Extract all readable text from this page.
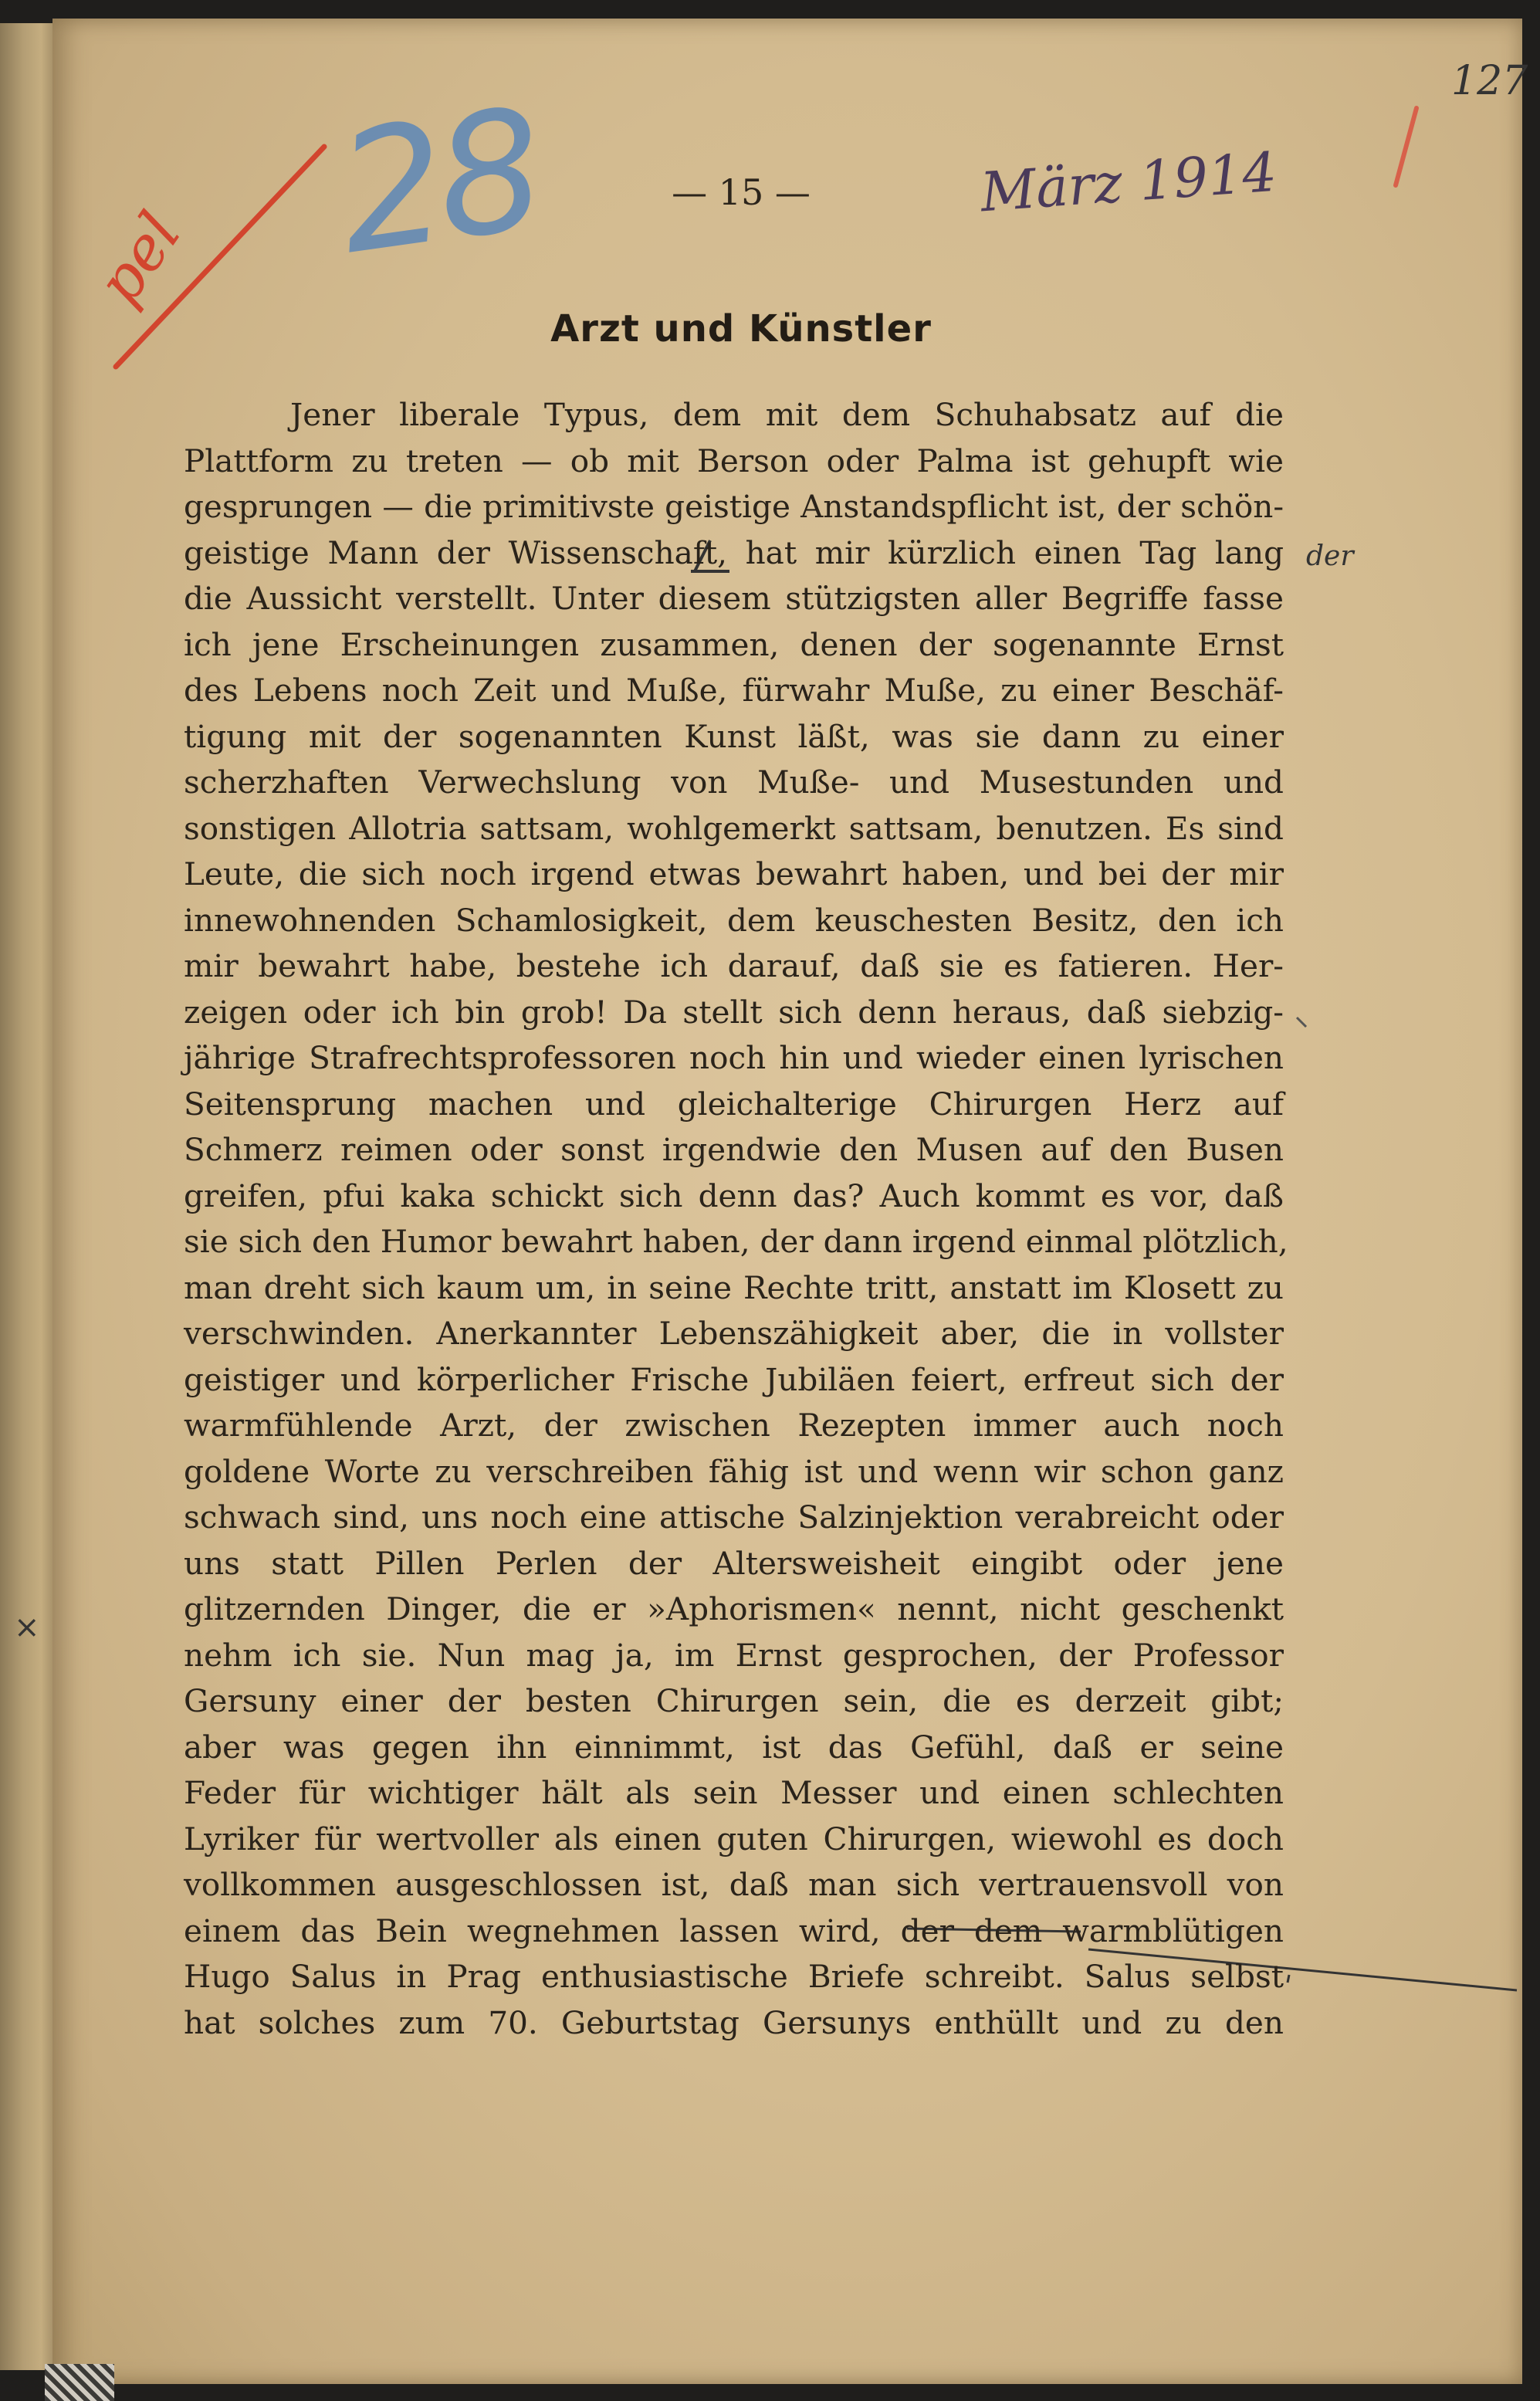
28	März 1914
127
der
×
pel
— 15 —
Arzt und Künstler
Jener liberale Typus, dem mit dem Schuhabsatz auf die
Plattform zu treten — ob mit Berson oder Palma ist gehupft wie
gesprungen — die primitivste geistige Anstandspflicht ist, der schön-
geistige Mann der Wissenschaft, hat mir kürzlich einen Tag lang
die Aussicht verstellt. Unter diesem stützigsten aller Begriffe fasse
ich jene Erscheinungen zusammen, denen der sogenannte Ernst
des Lebens noch Zeit und Muße, fürwahr Muße, zu einer Beschäf-
tigung mit der sogenannten Kunst läßt, was sie dann zu einer
scherzhaften Verwechslung von Muße- und Musestunden und
sonstigen Allotria sattsam, wohlgemerkt sattsam, benutzen. Es sind
Leute, die sich noch irgend etwas bewahrt haben, und bei der mir
innewohnenden Schamlosigkeit, dem keuschesten Besitz, den ich
mir bewahrt habe, bestehe ich darauf, daß sie es fatieren. Her-
zeigen oder ich bin grob! Da stellt sich denn heraus, daß siebzig-
jährige Strafrechtsprofessoren noch hin und wieder einen lyrischen
Seitensprung machen und gleichalterige Chirurgen Herz auf
Schmerz reimen oder sonst irgendwie den Musen auf den Busen
greifen, pfui kaka schickt sich denn das? Auch kommt es vor, daß
sie sich den Humor bewahrt haben, der dann irgend einmal plötzlich,
man dreht sich kaum um, in seine Rechte tritt, anstatt im Klosett zu
verschwinden. Anerkannter Lebenszähigkeit aber, die in vollster
geistiger und körperlicher Frische Jubiläen feiert, erfreut sich der
warmfühlende Arzt, der zwischen Rezepten immer auch noch
goldene Worte zu verschreiben fähig ist und wenn wir schon ganz
schwach sind, uns noch eine attische Salzinjektion verabreicht oder
uns statt Pillen Perlen der Altersweisheit eingibt oder jene
glitzernden Dinger, die er »Aphorismen« nennt, nicht geschenkt
nehm ich sie. Nun mag ja, im Ernst gesprochen, der Professor
Gersuny einer der besten Chirurgen sein, die es derzeit gibt;
aber was gegen ihn einnimmt, ist das Gefühl, daß er seine
Feder für wichtiger hält als sein Messer und einen schlechten
Lyriker für wertvoller als einen guten Chirurgen, wiewohl es doch
vollkommen ausgeschlossen ist, daß man sich vertrauensvoll von
einem das Bein wegnehmen lassen wird, der dem warmblütigen
Hugo Salus in Prag enthusiastische Briefe schreibt. Salus selbst
hat solches zum 70. Geburtstag Gersunys enthüllt und zu den
